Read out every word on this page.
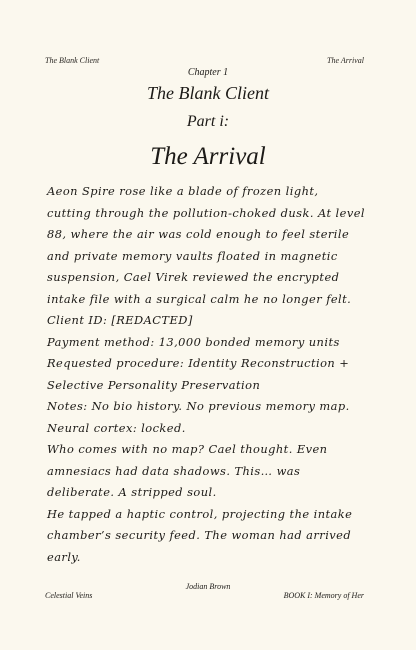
The Blank Client	The Arrival
Chapter 1
The Blank Client
Part i:
The Arrival
Aeon Spire rose like a blade of frozen light,
cutting through the pollution-choked dusk. At level
88, where the air was cold enough to feel sterile
and private memory vaults floated in magnetic
suspension, Cael Virek reviewed the encrypted
intake file with a surgical calm he no longer felt.
Client ID: [REDACTED]
Payment method: 13,000 bonded memory units
Requested procedure: Identity Reconstruction +
Selective Personality Preservation
Notes: No bio history. No previous memory map.
Neural cortex: locked.
Who comes with no map? Cael thought. Even
amnesiacs had data shadows. This… was
deliberate. A stripped soul.
He tapped a haptic control, projecting the intake
chamber’s security feed. The woman had arrived
early.
Jodian Brown
Celestial Veins	BOOK I: Memory of Her
